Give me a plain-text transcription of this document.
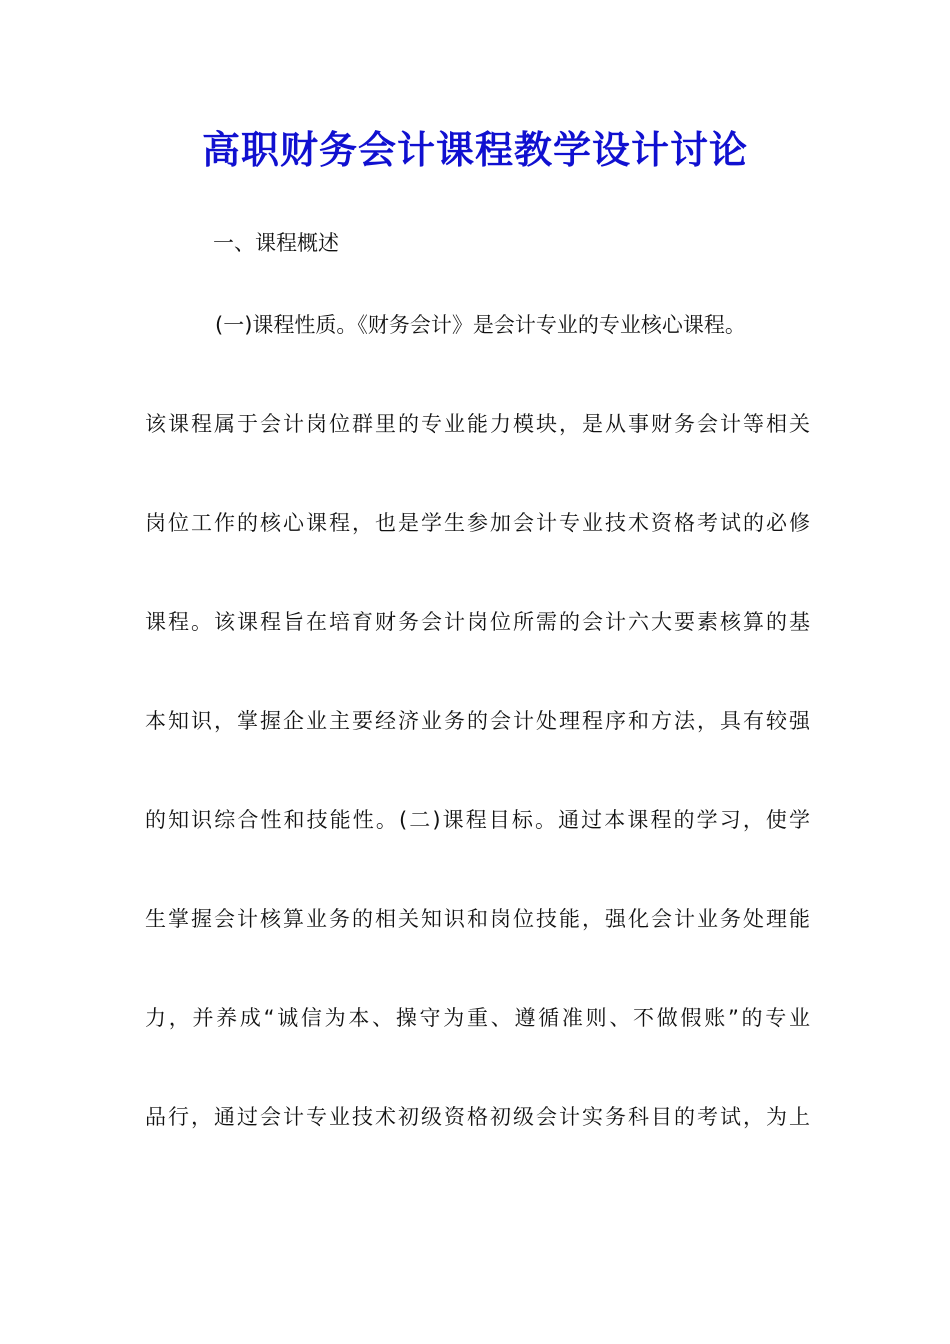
高职财务会计课程教学设计讨论
一、课程概述
(一)课程性质。《财务会计》是会计专业的专业核心课程。
该课程属于会计岗位群里的专业能力模块，是从事财务会计等相关
岗位工作的核心课程，也是学生参加会计专业技术资格考试的必修
课程。该课程旨在培育财务会计岗位所需的会计六大要素核算的基
本知识，掌握企业主要经济业务的会计处理程序和方法，具有较强
的知识综合性和技能性。(二)课程目标。通过本课程的学习，使学
生掌握会计核算业务的相关知识和岗位技能，强化会计业务处理能
力，并养成“诚信为本、操守为重、遵循准则、不做假账”的专业
品行，通过会计专业技术初级资格初级会计实务科目的考试，为上
